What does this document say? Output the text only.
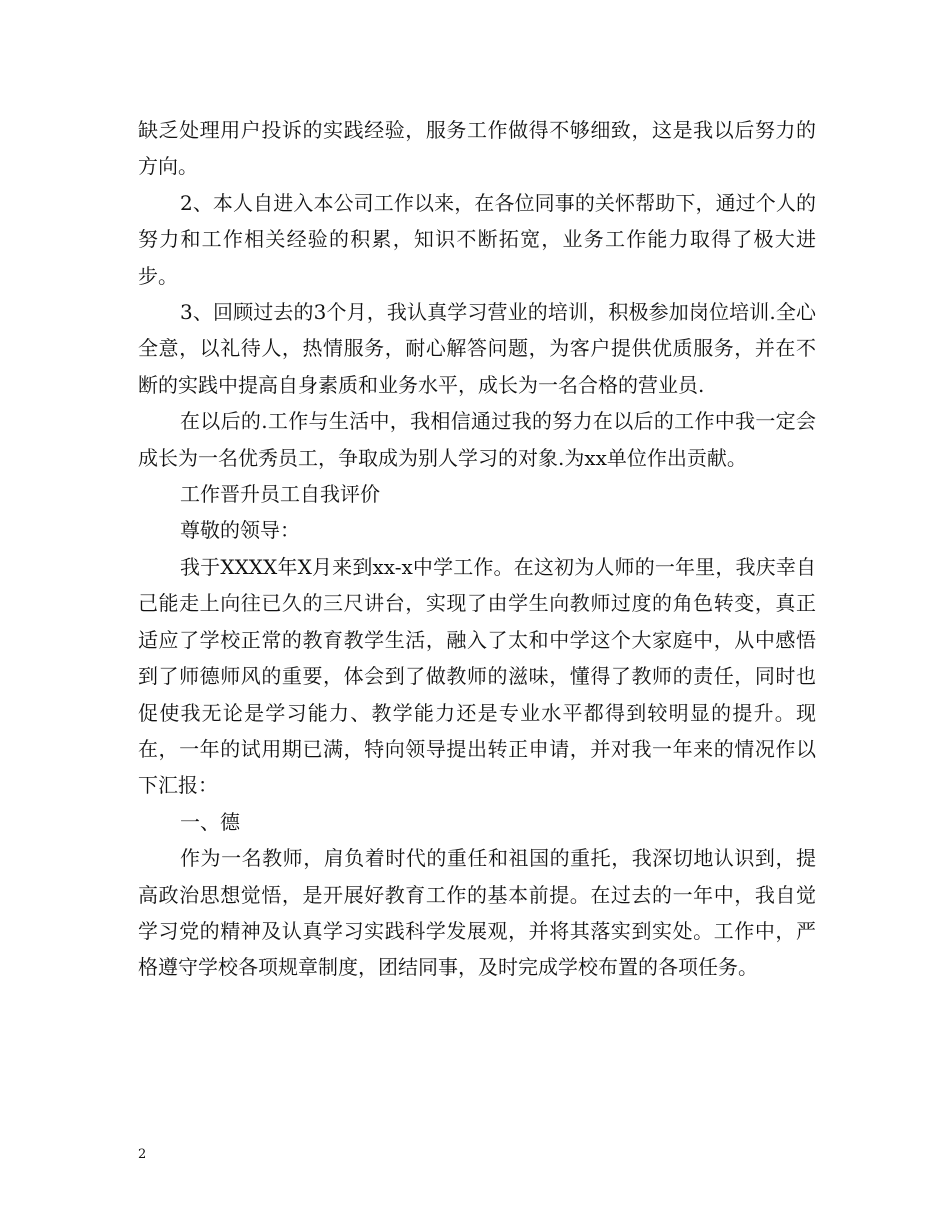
缺乏处理用户投诉的实践经验，服务工作做得不够细致，这是我以后努力的方向。

2、本人自进入本公司工作以来，在各位同事的关怀帮助下，通过个人的努力和工作相关经验的积累，知识不断拓宽，业务工作能力取得了极大进步。

3、回顾过去的3个月，我认真学习营业的培训，积极参加岗位培训.全心全意，以礼待人，热情服务，耐心解答问题，为客户提供优质服务，并在不断的实践中提高自身素质和业务水平，成长为一名合格的营业员.

在以后的.工作与生活中，我相信通过我的努力在以后的工作中我一定会成长为一名优秀员工，争取成为别人学习的对象.为xx单位作出贡献。

工作晋升员工自我评价

尊敬的领导：

我于XXXX年X月来到xx-x中学工作。在这初为人师的一年里，我庆幸自己能走上向往已久的三尺讲台，实现了由学生向教师过度的角色转变，真正适应了学校正常的教育教学生活，融入了太和中学这个大家庭中，从中感悟到了师德师风的重要，体会到了做教师的滋味，懂得了教师的责任，同时也促使我无论是学习能力、教学能力还是专业水平都得到较明显的提升。现在，一年的试用期已满，特向领导提出转正申请，并对我一年来的情况作以下汇报：

一、德

作为一名教师，肩负着时代的重任和祖国的重托，我深切地认识到，提高政治思想觉悟，是开展好教育工作的基本前提。在过去的一年中，我自觉学习党的精神及认真学习实践科学发展观，并将其落实到实处。工作中，严格遵守学校各项规章制度，团结同事，及时完成学校布置的各项任务。

2
